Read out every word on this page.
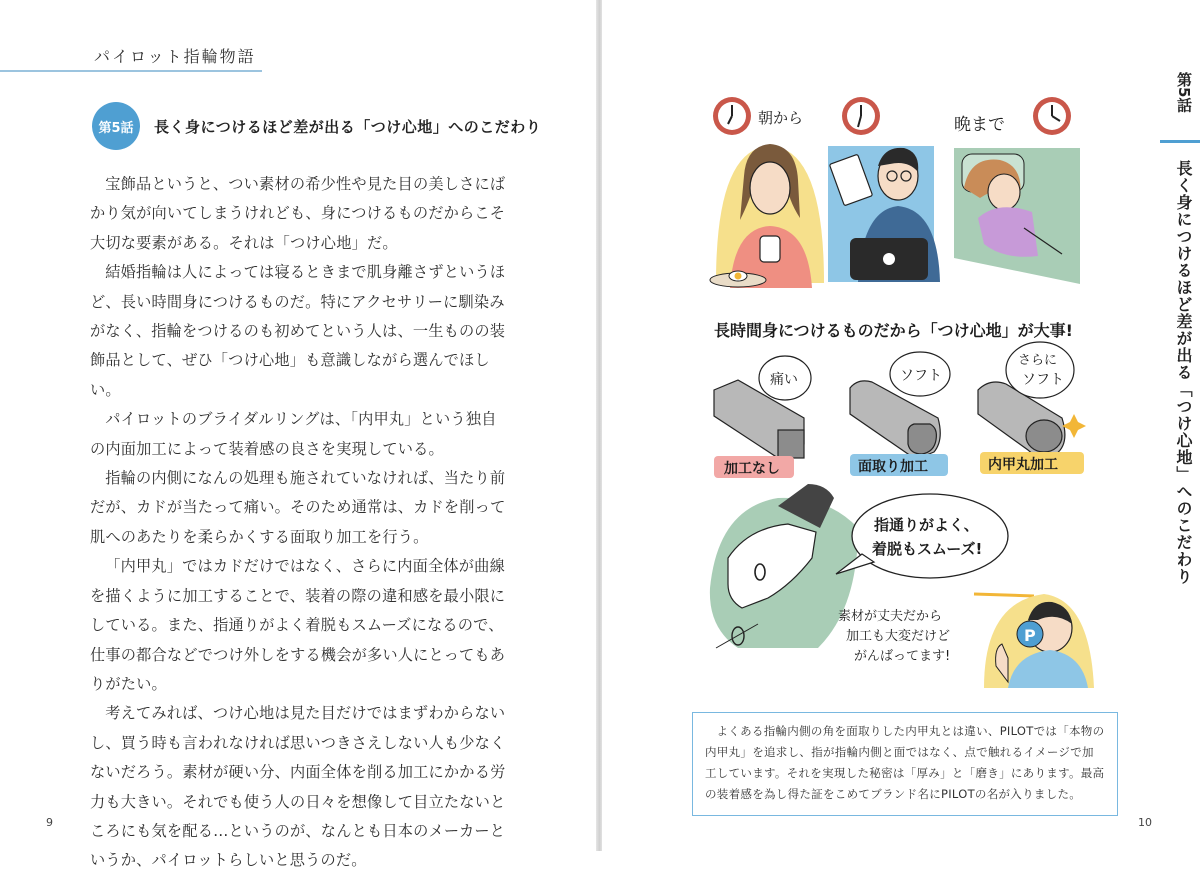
パイロット指輪物語
第5話	長く身につけるほど差が出る「つけ心地」へのこだわり

宝飾品というと、つい素材の希少性や見た目の美しさにばかり気が向いてしまうけれども、身につけるものだからこそ大切な要素がある。それは「つけ心地」だ。

結婚指輪は人によっては寝るときまで肌身離さずというほど、長い時間身につけるものだ。特にアクセサリーに馴染みがなく、指輪をつけるのも初めてという人は、一生ものの装飾品として、ぜひ「つけ心地」も意識しながら選んでほしい。

パイロットのブライダルリングは、「内甲丸」という独自の内面加工によって装着感の良さを実現している。

指輪の内側になんの処理も施されていなければ、当たり前だが、カドが当たって痛い。そのため通常は、カドを削って肌へのあたりを柔らかくする面取り加工を行う。

「内甲丸」ではカドだけではなく、さらに内面全体が曲線を描くように加工することで、装着の際の違和感を最小限にしている。また、指通りがよく着脱もスムーズになるので、仕事の都合などでつけ外しをする機会が多い人にとってもありがたい。

考えてみれば、つけ心地は見た目だけではまずわからないし、買う時も言われなければ思いつきさえしない人も少なくないだろう。素材が硬い分、内面全体を削る加工にかかる労力も大きい。それでも使う人の日々を想像して目立たないところにも気を配る…というのが、なんとも日本のメーカーというか、パイロットらしいと思うのだ。

9
朝から	晩まで
長時間身につけるものだから「つけ心地」が大事!
痛い	ソフト
さらに
ソフト
加工なし	面取り加工	内甲丸加工
指通りがよく、
着脱もスムーズ!
素材が丈夫だから
加工も大変だけど
がんばってます!
P

よくある指輪内側の角を面取りした内甲丸とは違い、PILOTでは「本物の内甲丸」を追求し、指が指輪内側と面ではなく、点で触れるイメージで加工しています。それを実現した秘密は「厚み」と「磨き」にあります。最高の装着感を為し得た証をこめてブランド名にPILOTの名が入りました。

第5話
長く身につけるほど差が出る「つけ心地」へのこだわり
10
